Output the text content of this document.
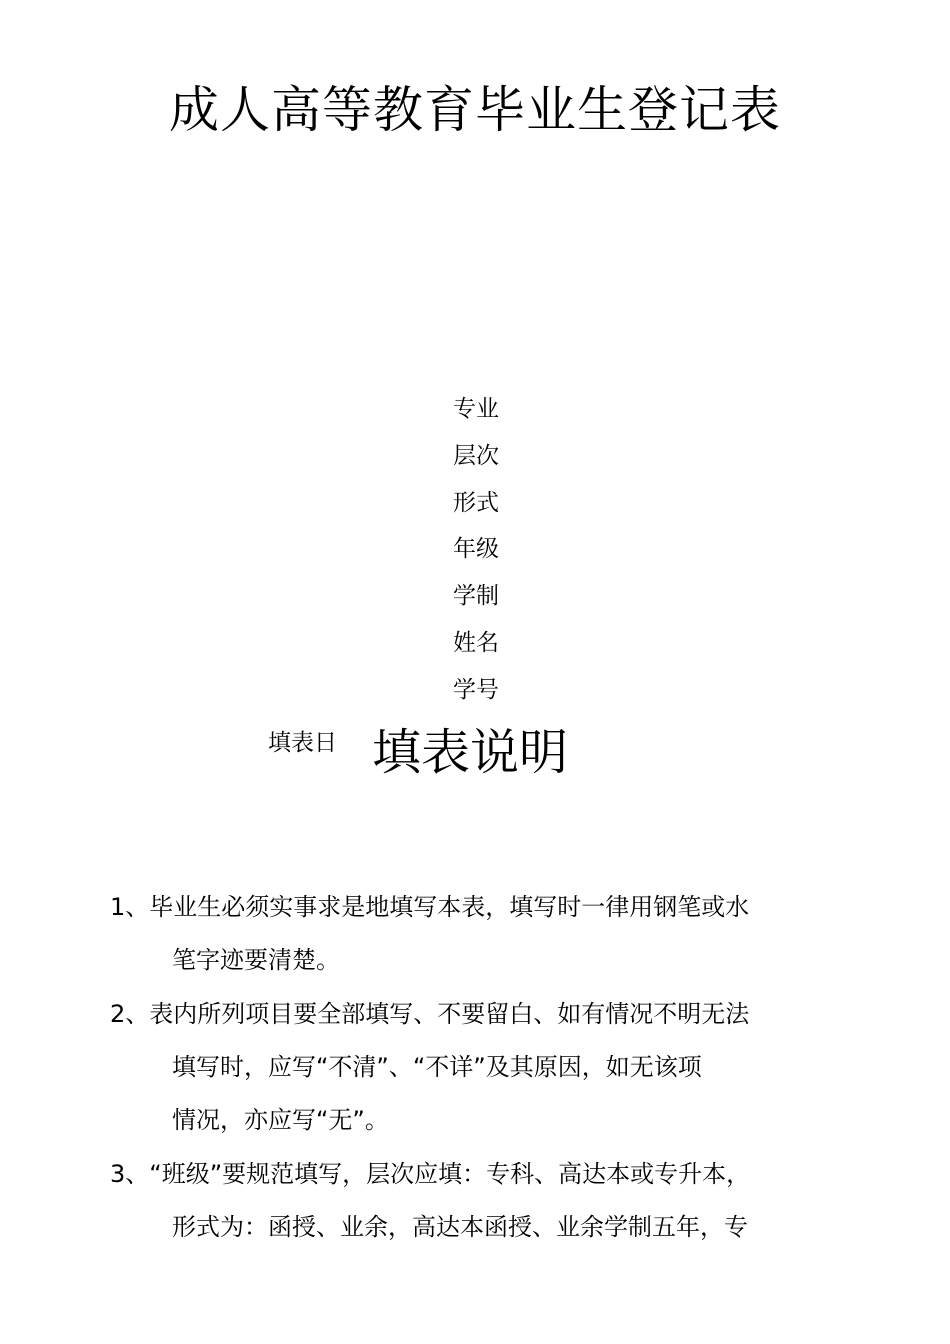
成人高等教育毕业生登记表
专业
层次
形式
年级
学制
姓名
学号
填表日 填表说明
1、毕业生必须实事求是地填写本表，填写时一律用钢笔或水
笔字迹要清楚。
2、表内所列项目要全部填写、不要留白、如有情况不明无法
填写时，应写“不清”、“不详”及其原因，如无该项
情况，亦应写“无”。
3、“班级”要规范填写，层次应填：专科、高达本或专升本，
形式为：函授、业余，高达本函授、业余学制五年，专
